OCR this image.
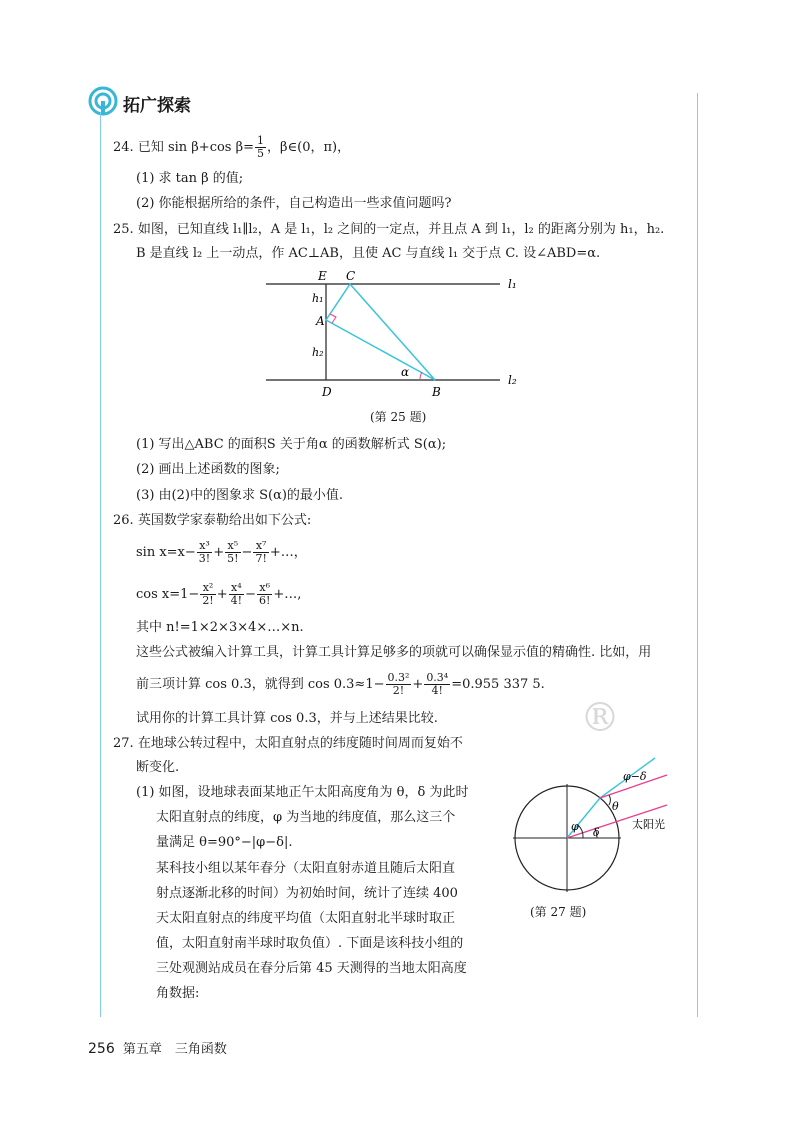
拓广探索
24. 已知 sin β+cos $\beta= \frac{1}{5}$ ，β∈(0，π)，
(1) 求 tan β 的值;
(2) 你能根据所给的条件，自己构造出一些求值问题吗?
25. 如图，已知直线 l₁∥l₂，A 是 l₁，l₂ 之间的一定点，并且点 A 到 l₁，l₂ 的距离分别为 h₁，h₂.
B 是直线 l₂ 上一动点，作 AC⊥AB，且使 AC 与直线 l₁ 交于点 C. 设∠ABD=α.
E C
l₁
h₁
A
h₂
D
α
B
l₂
(第 25 题)
(1) 写出△ABC 的面积S 关于角α 的函数解析式 S(α);
(2) 画出上述函数的图象;
(3) 由(2)中的图象求 S(α)的最小值.
26. 英国数学家泰勒给出如下公式:
$\sin x=x- \frac{\text{x³}}{3!} + \frac{\text{x⁵}}{5!} - \frac{\text{x⁷}}{7!}$ +…，
$\cos x=1- \frac{\text{x²}}{2!} + \frac{\text{x⁴}}{4!} - \frac{\text{x⁶}}{6!}$ +…,
其中 n!=1×2×3×4×…×n.
这些公式被编入计算工具，计算工具计算足够多的项就可以确保显示值的精确性. 比如，用
前三项计算 cos 0.3，就得到 $\cos 0.3\approx 1- \frac{\text{0.3²}}{2!} + \frac{\text{0.3⁴}}{4!} =0.955$ 337 5.
试用你的计算工具计算 cos 0.3，并与上述结果比较.	®
27. 在地球公转过程中，太阳直射点的纬度随时间周而复始不
断变化.
(1) 如图，设地球表面某地正午太阳高度角为 θ，δ 为此时
太阳直射点的纬度，φ 为当地的纬度值，那么这三个
量满足 θ=90°−|φ−δ|.
某科技小组以某年春分（太阳直射赤道且随后太阳直
射点逐渐北移的时间）为初始时间，统计了连续 400
天太阳直射点的纬度平均值（太阳直射北半球时取正
值，太阳直射南半球时取负值）. 下面是该科技小组的
三处观测站成员在春分后第 45 天测得的当地太阳高度
角数据:
φ−δ
θ
φ δ
太阳光
(第 27 题)
256 第五章　三角函数
